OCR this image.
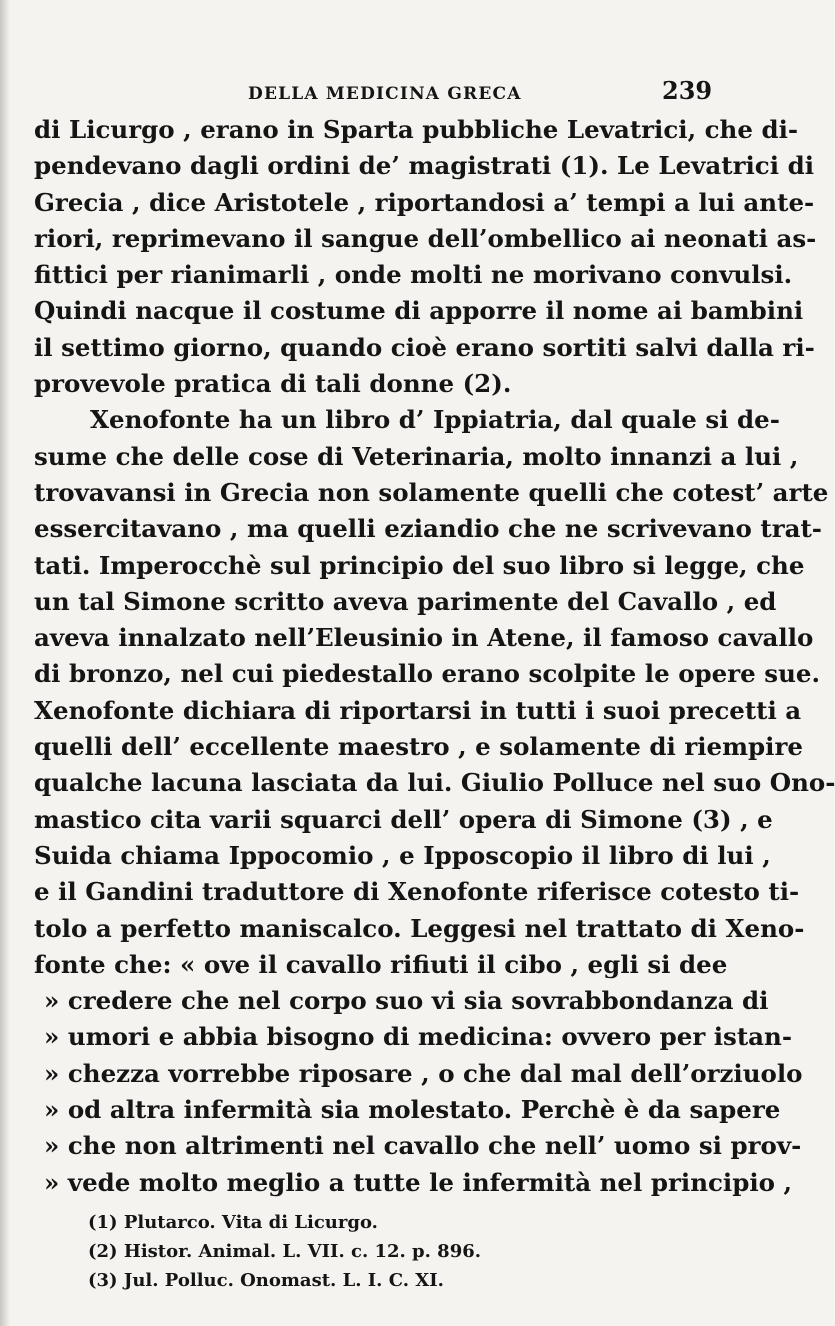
DELLA MEDICINA GRECA	239
di Licurgo , erano in Sparta pubbliche Levatrici, che di-
pendevano dagli ordini de’ magistrati (1). Le Levatrici di
Grecia , dice Aristotele , riportandosi a’ tempi a lui ante-
riori, reprimevano il sangue dell’ombellico ai neonati as-
fittici per rianimarli , onde molti ne morivano convulsi.
Quindi nacque il costume di apporre il nome ai bambini
il settimo giorno, quando cioè erano sortiti salvi dalla ri-
provevole pratica di tali donne (2).
Xenofonte ha un libro d’ Ippiatria, dal quale si de-
sume che delle cose di Veterinaria, molto innanzi a lui ,
trovavansi in Grecia non solamente quelli che cotest’ arte
essercitavano , ma quelli eziandio che ne scrivevano trat-
tati. Imperocchè sul principio del suo libro si legge, che
un tal Simone scritto aveva parimente del Cavallo , ed
aveva innalzato nell’Eleusinio in Atene, il famoso cavallo
di bronzo, nel cui piedestallo erano scolpite le opere sue.
Xenofonte dichiara di riportarsi in tutti i suoi precetti a
quelli dell’ eccellente maestro , e solamente di riempire
qualche lacuna lasciata da lui. Giulio Polluce nel suo Ono-
mastico cita varii squarci dell’ opera di Simone (3) , e
Suida chiama Ippocomio , e Ipposcopio il libro di lui ,
e il Gandini traduttore di Xenofonte riferisce cotesto ti-
tolo a perfetto maniscalco. Leggesi nel trattato di Xeno-
fonte che: « ove il cavallo rifiuti il cibo , egli si dee
» credere che nel corpo suo vi sia sovrabbondanza di
» umori e abbia bisogno di medicina: ovvero per istan-
» chezza vorrebbe riposare , o che dal mal dell’orziuolo
» od altra infermità sia molestato. Perchè è da sapere
» che non altrimenti nel cavallo che nell’ uomo si prov-
» vede molto meglio a tutte le infermità nel principio ,
(1) Plutarco. Vita di Licurgo.
(2) Histor. Animal. L. VII. c. 12. p. 896.
(3) Jul. Polluc. Onomast. L. I. C. XI.
